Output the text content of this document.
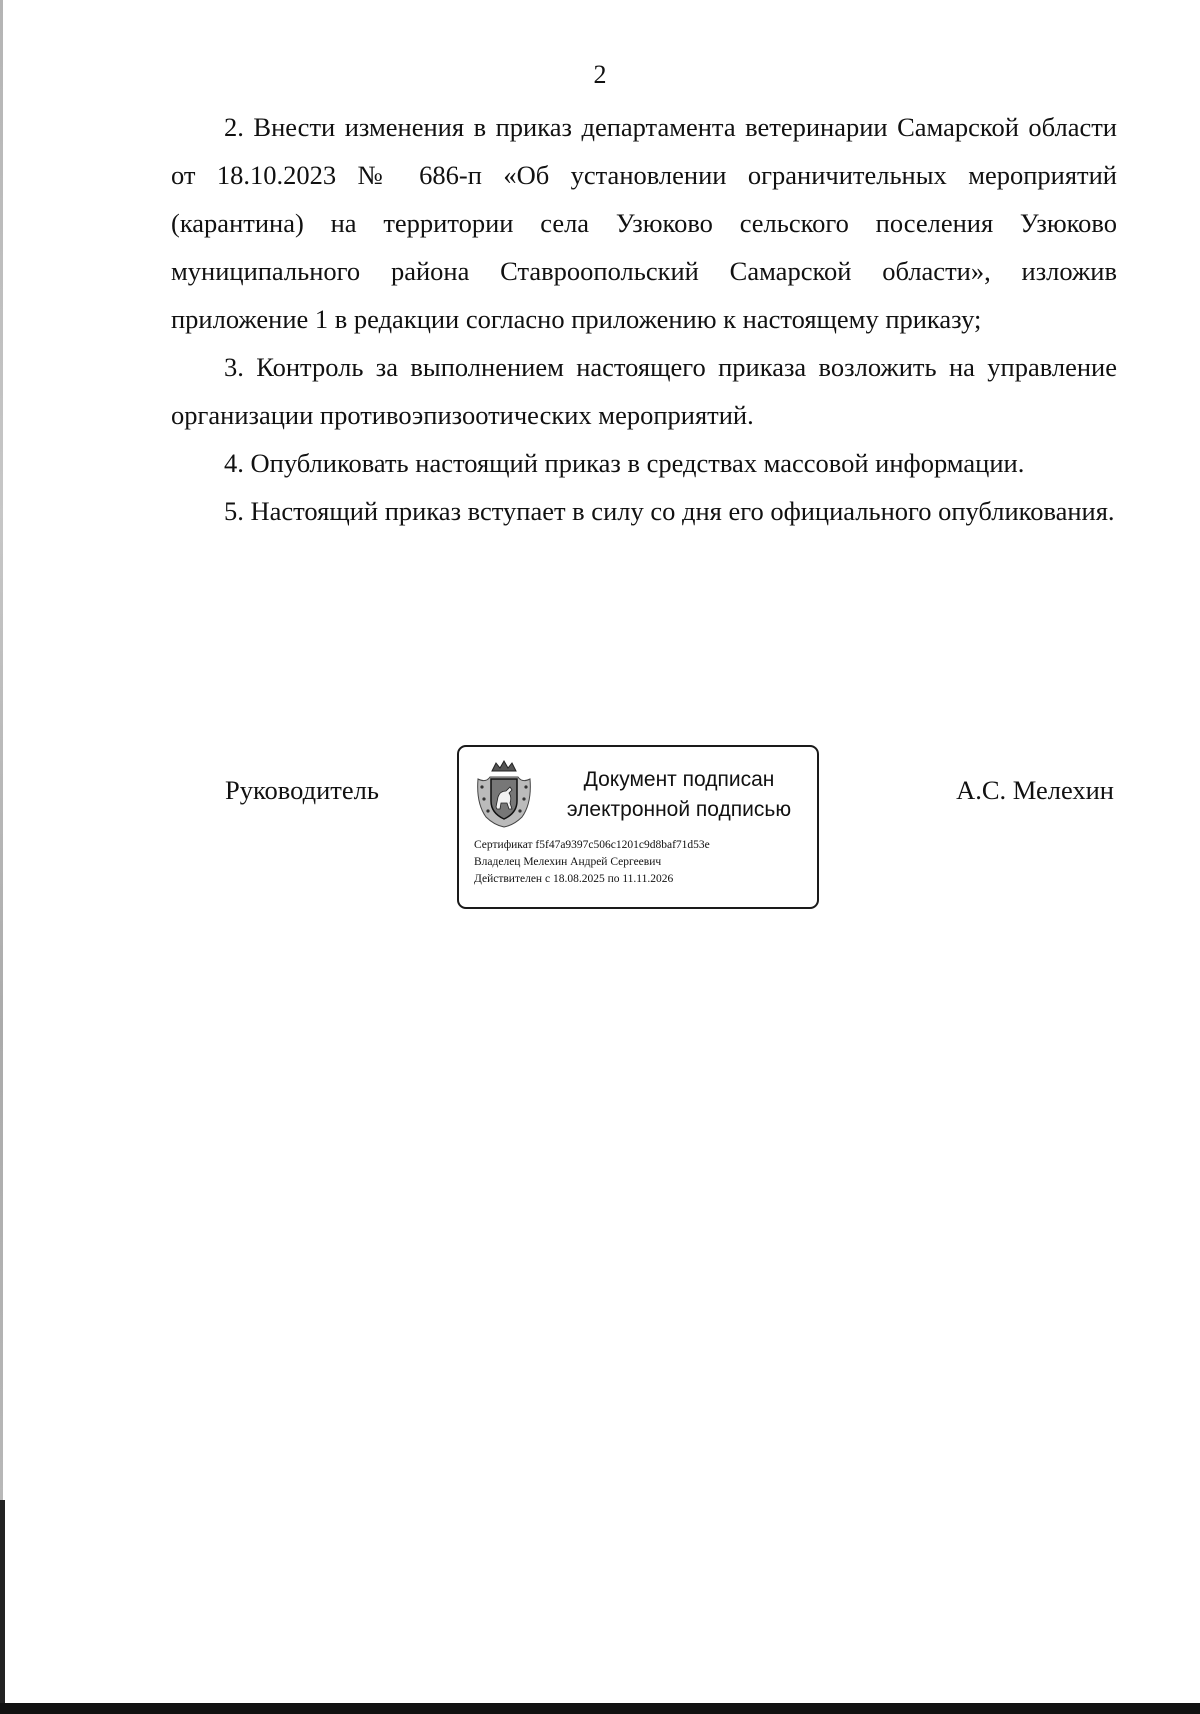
2

2. Внести изменения в приказ департамента ветеринарии Самарской области от 18.10.2023 № 686-п «Об установлении ограничительных мероприятий (карантина) на территории села Узюково сельского поселения Узюково муниципального района Ставроопольский Самарской области», изложив приложение 1 в редакции согласно приложению к настоящему приказу;

3. Контроль за выполнением настоящего приказа возложить на управление организации противоэпизоотических мероприятий.

4. Опубликовать настоящий приказ в средствах массовой информации.

5. Настоящий приказ вступает в силу со дня его официального опубликования.

Руководитель	Документ подписан
электронной подписью
Сертификат f5f47a9397c506c1201c9d8baf71d53e
Владелец Мелехин Андрей Сергеевич
Действителен с 18.08.2025 по 11.11.2026
А.С. Мелехин
